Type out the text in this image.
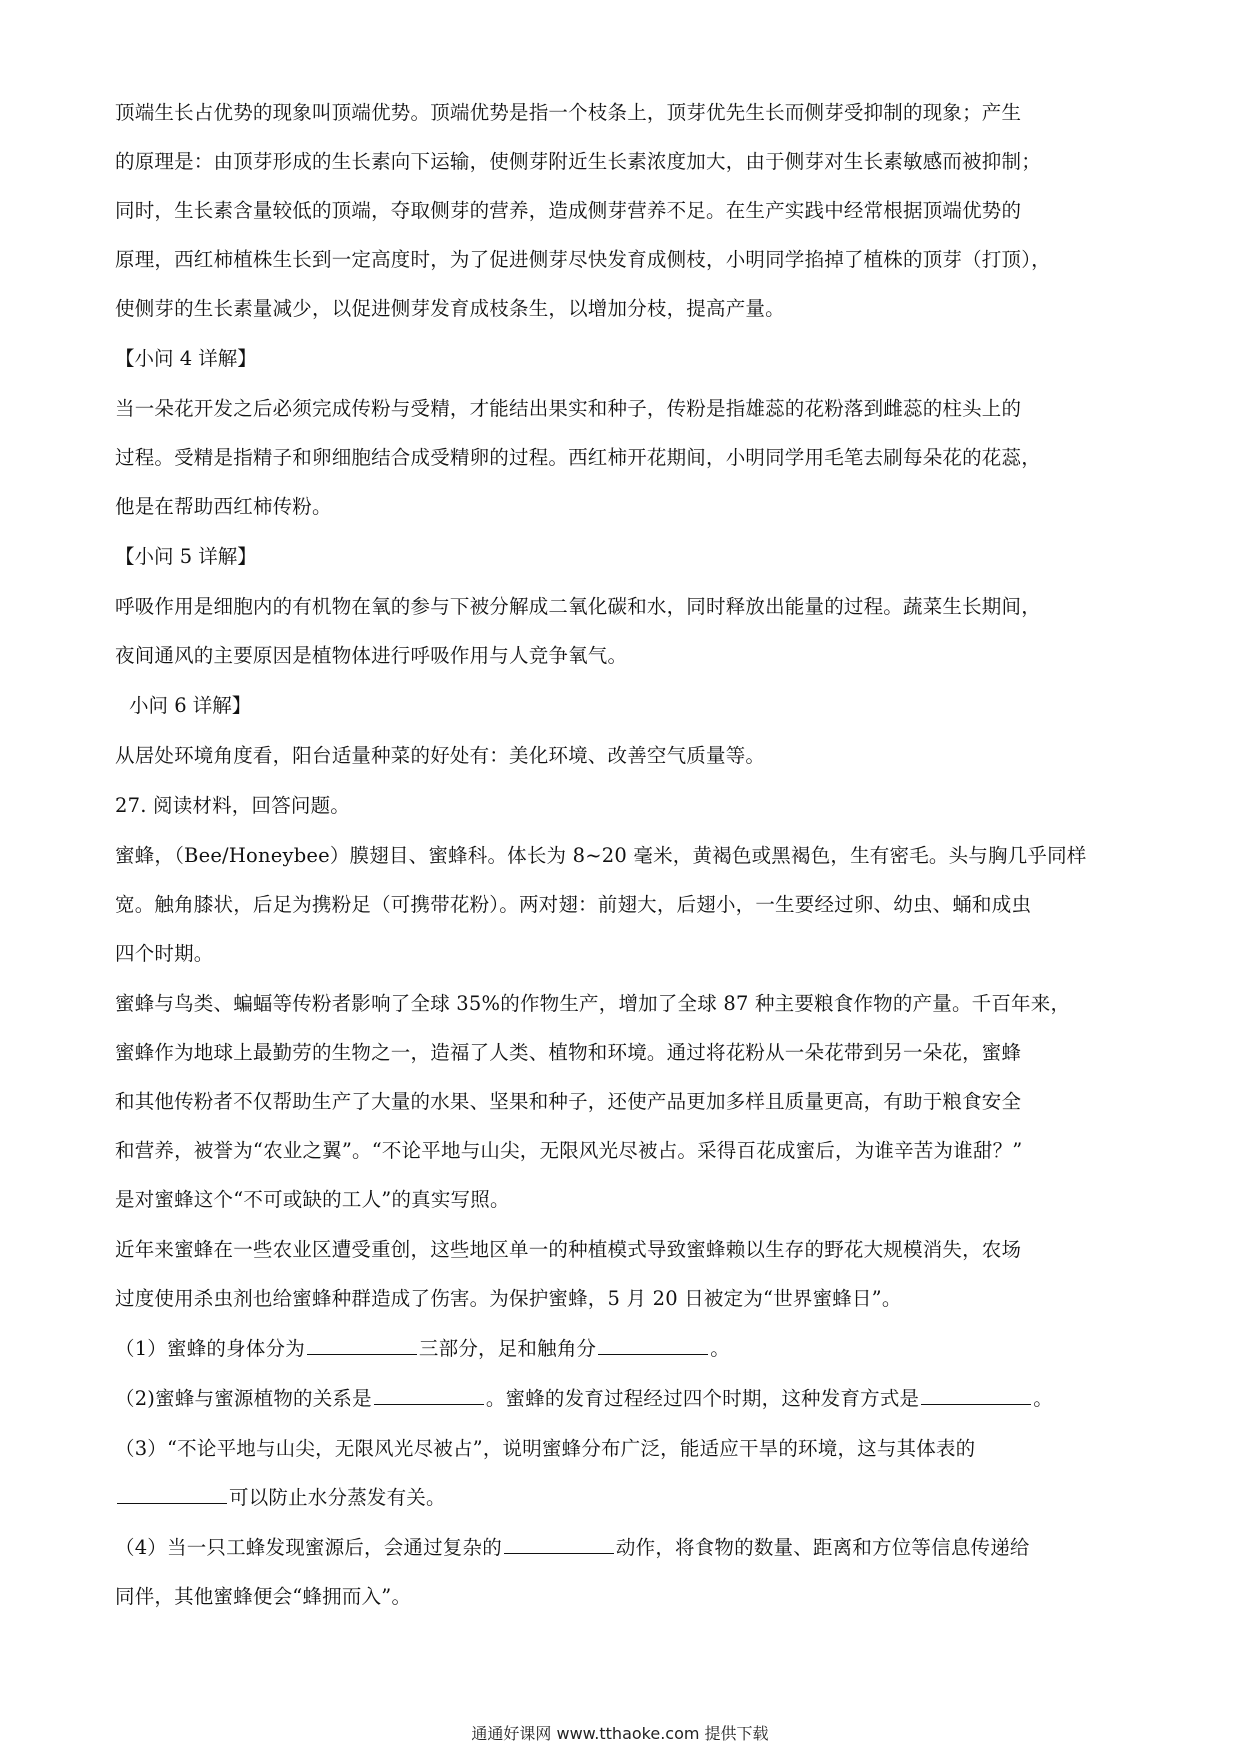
顶端生长占优势的现象叫顶端优势。顶端优势是指一个枝条上，顶芽优先生长而侧芽受抑制的现象；产生
的原理是：由顶芽形成的生长素向下运输，使侧芽附近生长素浓度加大，由于侧芽对生长素敏感而被抑制；
同时，生长素含量较低的顶端，夺取侧芽的营养，造成侧芽营养不足。在生产实践中经常根据顶端优势的
原理，西红柿植株生长到一定高度时，为了促进侧芽尽快发育成侧枝，小明同学掐掉了植株的顶芽（打顶），
使侧芽的生长素量减少，以促进侧芽发育成枝条生，以增加分枝，提高产量。
【小问 4 详解】
当一朵花开发之后必须完成传粉与受精，才能结出果实和种子，传粉是指雄蕊的花粉落到雌蕊的柱头上的
过程。受精是指精子和卵细胞结合成受精卵的过程。西红柿开花期间，小明同学用毛笔去刷每朵花的花蕊，
他是在帮助西红柿传粉。
【小问 5 详解】
呼吸作用是细胞内的有机物在氧的参与下被分解成二氧化碳和水，同时释放出能量的过程。蔬菜生长期间，
夜间通风的主要原因是植物体进行呼吸作用与人竞争氧气。
小问 6 详解】
从居处环境角度看，阳台适量种菜的好处有：美化环境、改善空气质量等。
27. 阅读材料，回答问题。
蜜蜂，（Bee/Honeybee）膜翅目、蜜蜂科。体长为 8~20 毫米，黄褐色或黑褐色，生有密毛。头与胸几乎同样
宽。触角膝状，后足为携粉足（可携带花粉）。两对翅：前翅大，后翅小，一生要经过卵、幼虫、蛹和成虫
四个时期。
蜜蜂与鸟类、蝙蝠等传粉者影响了全球 35%的作物生产，增加了全球 87 种主要粮食作物的产量。千百年来，
蜜蜂作为地球上最勤劳的生物之一，造福了人类、植物和环境。通过将花粉从一朵花带到另一朵花，蜜蜂
和其他传粉者不仅帮助生产了大量的水果、坚果和种子，还使产品更加多样且质量更高，有助于粮食安全
和营养，被誉为“农业之翼”。“不论平地与山尖，无限风光尽被占。采得百花成蜜后，为谁辛苦为谁甜？”
是对蜜蜂这个“不可或缺的工人”的真实写照。
近年来蜜蜂在一些农业区遭受重创，这些地区单一的种植模式导致蜜蜂赖以生存的野花大规模消失，农场
过度使用杀虫剂也给蜜蜂种群造成了伤害。为保护蜜蜂，5 月 20 日被定为“世界蜜蜂日”。
（1）蜜蜂的身体分为	三部分，足和触角分	。
（2)蜜蜂与蜜源植物的关系是	。蜜蜂的发育过程经过四个时期，这种发育方式是	。
（3）“不论平地与山尖，无限风光尽被占”，说明蜜蜂分布广泛，能适应干旱的环境，这与其体表的
可以防止水分蒸发有关。
（4）当一只工蜂发现蜜源后，会通过复杂的	动作，将食物的数量、距离和方位等信息传递给
同伴，其他蜜蜂便会“蜂拥而入”。
通通好课网 www.tthaoke.com 提供下载
